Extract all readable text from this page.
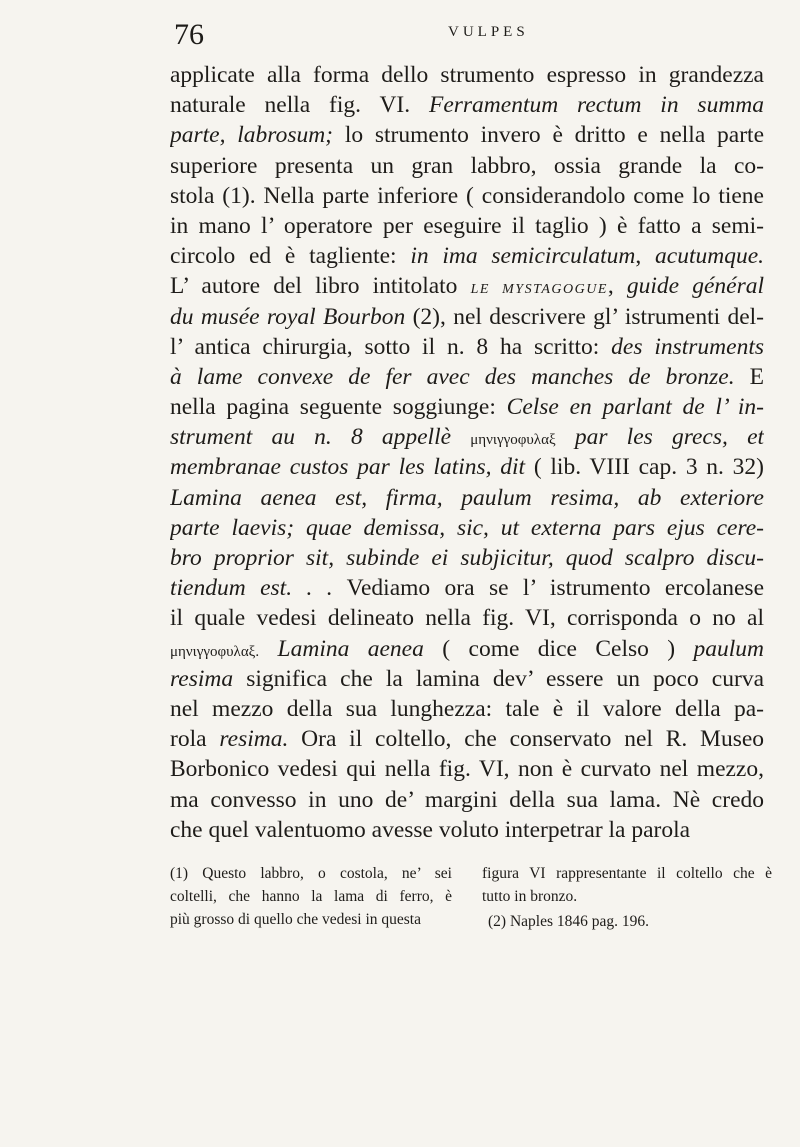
76	VULPES
applicate alla forma dello strumento espresso in grandezza
naturale nella fig. VI. Ferramentum rectum in summa
parte, labrosum; lo strumento invero è dritto e nella parte
superiore presenta un gran labbro, ossia grande la co-
stola (1). Nella parte inferiore ( considerandolo come lo tiene
in mano l’ operatore per eseguire il taglio ) è fatto a semi-
circolo ed è tagliente: in ima semicirculatum, acutumque.
L’ autore del libro intitolato LE MYSTAGOGUE, guide général
du musée royal Bourbon (2), nel descrivere gl’ istrumenti del-
l’ antica chirurgia, sotto il n. 8 ha scritto: des instruments
à lame convexe de fer avec des manches de bronze. E
nella pagina seguente soggiunge: Celse en parlant de l’ in-
strument au n. 8 appellè μηνιγγοφυλαξ par les grecs, et
membranae custos par les latins, dit ( lib. VIII cap. 3 n. 32)
Lamina aenea est, firma, paulum resima, ab exteriore
parte laevis; quae demissa, sic, ut externa pars ejus cere-
bro proprior sit, subinde ei subjicitur, quod scalpro discu-
tiendum est. . . Vediamo ora se l’ istrumento ercolanese
il quale vedesi delineato nella fig. VI, corrisponda o no al
μηνιγγοφυλαξ. Lamina aenea ( come dice Celso ) paulum
resima significa che la lamina dev’ essere un poco curva
nel mezzo della sua lunghezza: tale è il valore della pa-
rola resima. Ora il coltello, che conservato nel R. Museo
Borbonico vedesi qui nella fig. VI, non è curvato nel mezzo,
ma convesso in uno de’ margini della sua lama. Nè credo
che quel valentuomo avesse voluto interpetrar la parola
(1) Questo labbro, o costola, ne’ sei
coltelli, che hanno la lama di ferro, è
più grosso di quello che vedesi in questa
figura VI rappresentante il coltello che è
tutto in bronzo.
(2) Naples 1846 pag. 196.
